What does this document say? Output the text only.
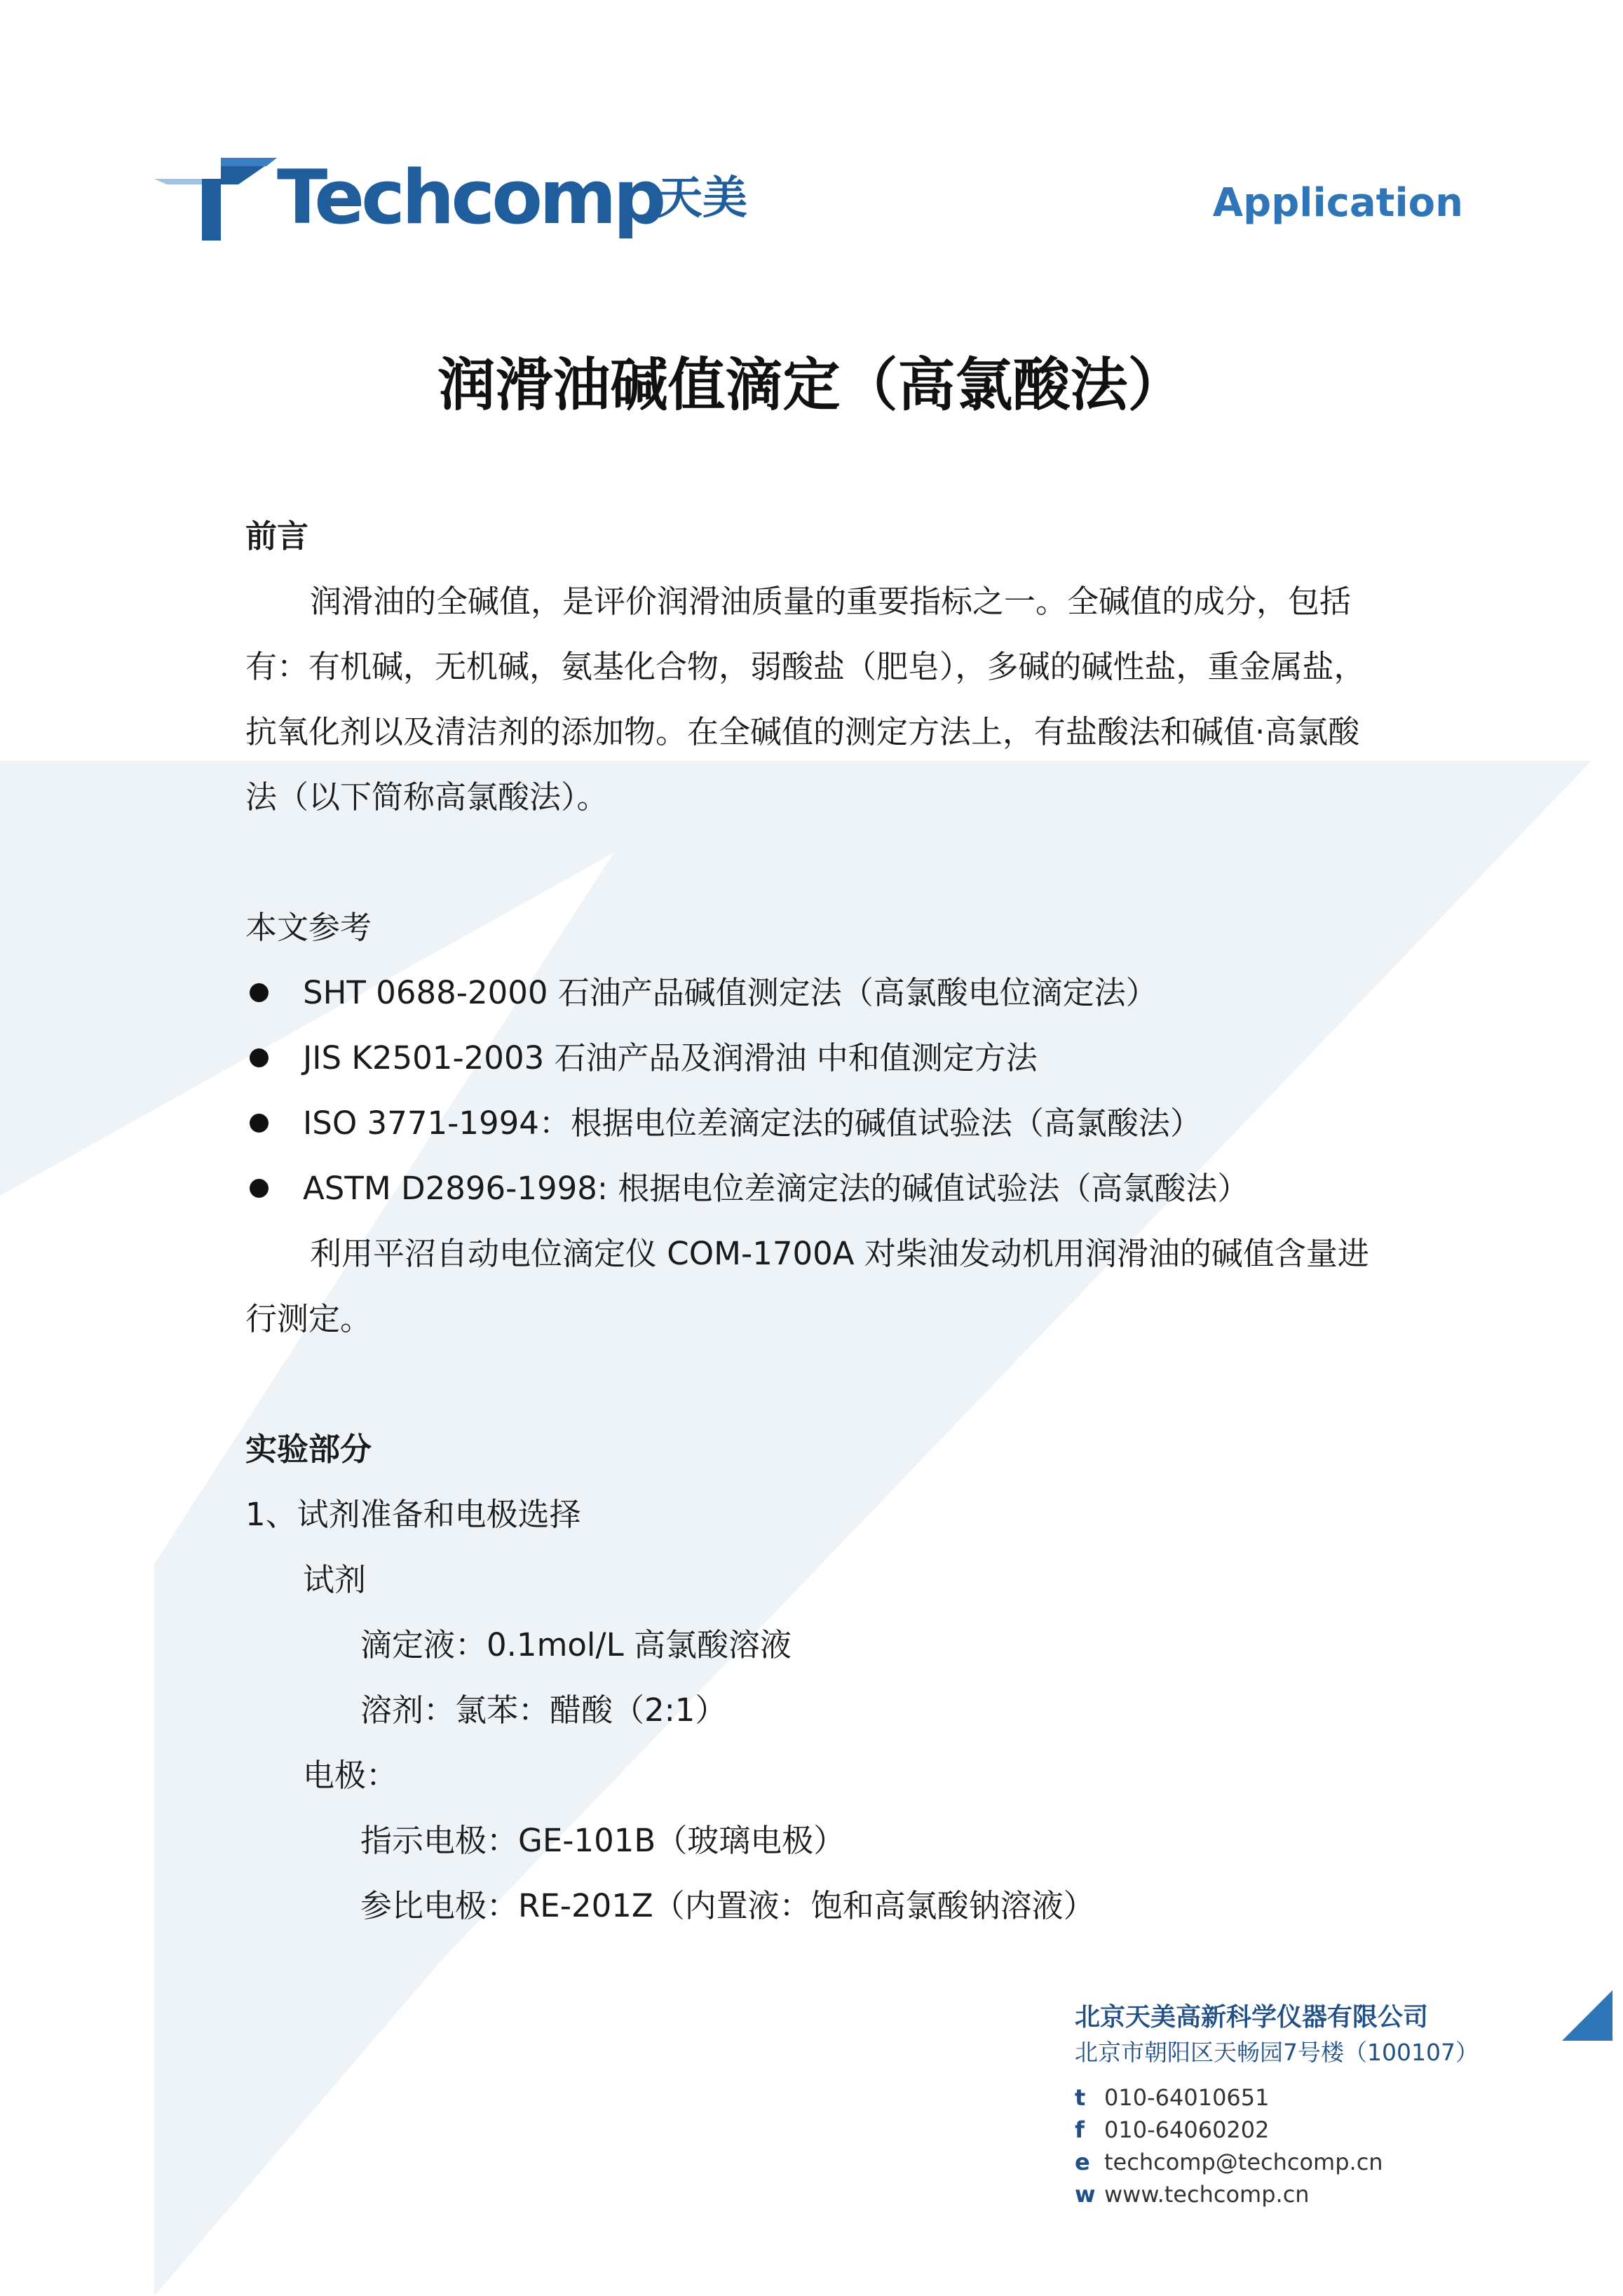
Techcomp
天美	Application
润滑油碱值滴定（高氯酸法）
前言
润滑油的全碱值，是评价润滑油质量的重要指标之一。全碱值的成分，包括有：有机碱，无机碱，氨基化合物，弱酸盐（肥皂），多碱的碱性盐，重金属盐，抗氧化剂以及清洁剂的添加物。在全碱值的测定方法上，有盐酸法和碱值·高氯酸法（以下简称高氯酸法）。
本文参考
SHT 0688-2000 石油产品碱值测定法（高氯酸电位滴定法）
JIS K2501-2003 石油产品及润滑油 中和值测定方法
ISO 3771-1994：根据电位差滴定法的碱值试验法（高氯酸法）
ASTM D2896-1998: 根据电位差滴定法的碱值试验法（高氯酸法）
利用平沼自动电位滴定仪 COM-1700A 对柴油发动机用润滑油的碱值含量进行测定。
实验部分
1、试剂准备和电极选择
试剂
滴定液：0.1mol/L 高氯酸溶液
溶剂：氯苯：醋酸（2:1）
电极：
指示电极：GE-101B（玻璃电极）
参比电极：RE-201Z（内置液：饱和高氯酸钠溶液）
北京天美高新科学仪器有限公司
北京市朝阳区天畅园7号楼（100107）
t 010-64010651
f 010-64060202
e techcomp@techcomp.cn
w www.techcomp.cn
